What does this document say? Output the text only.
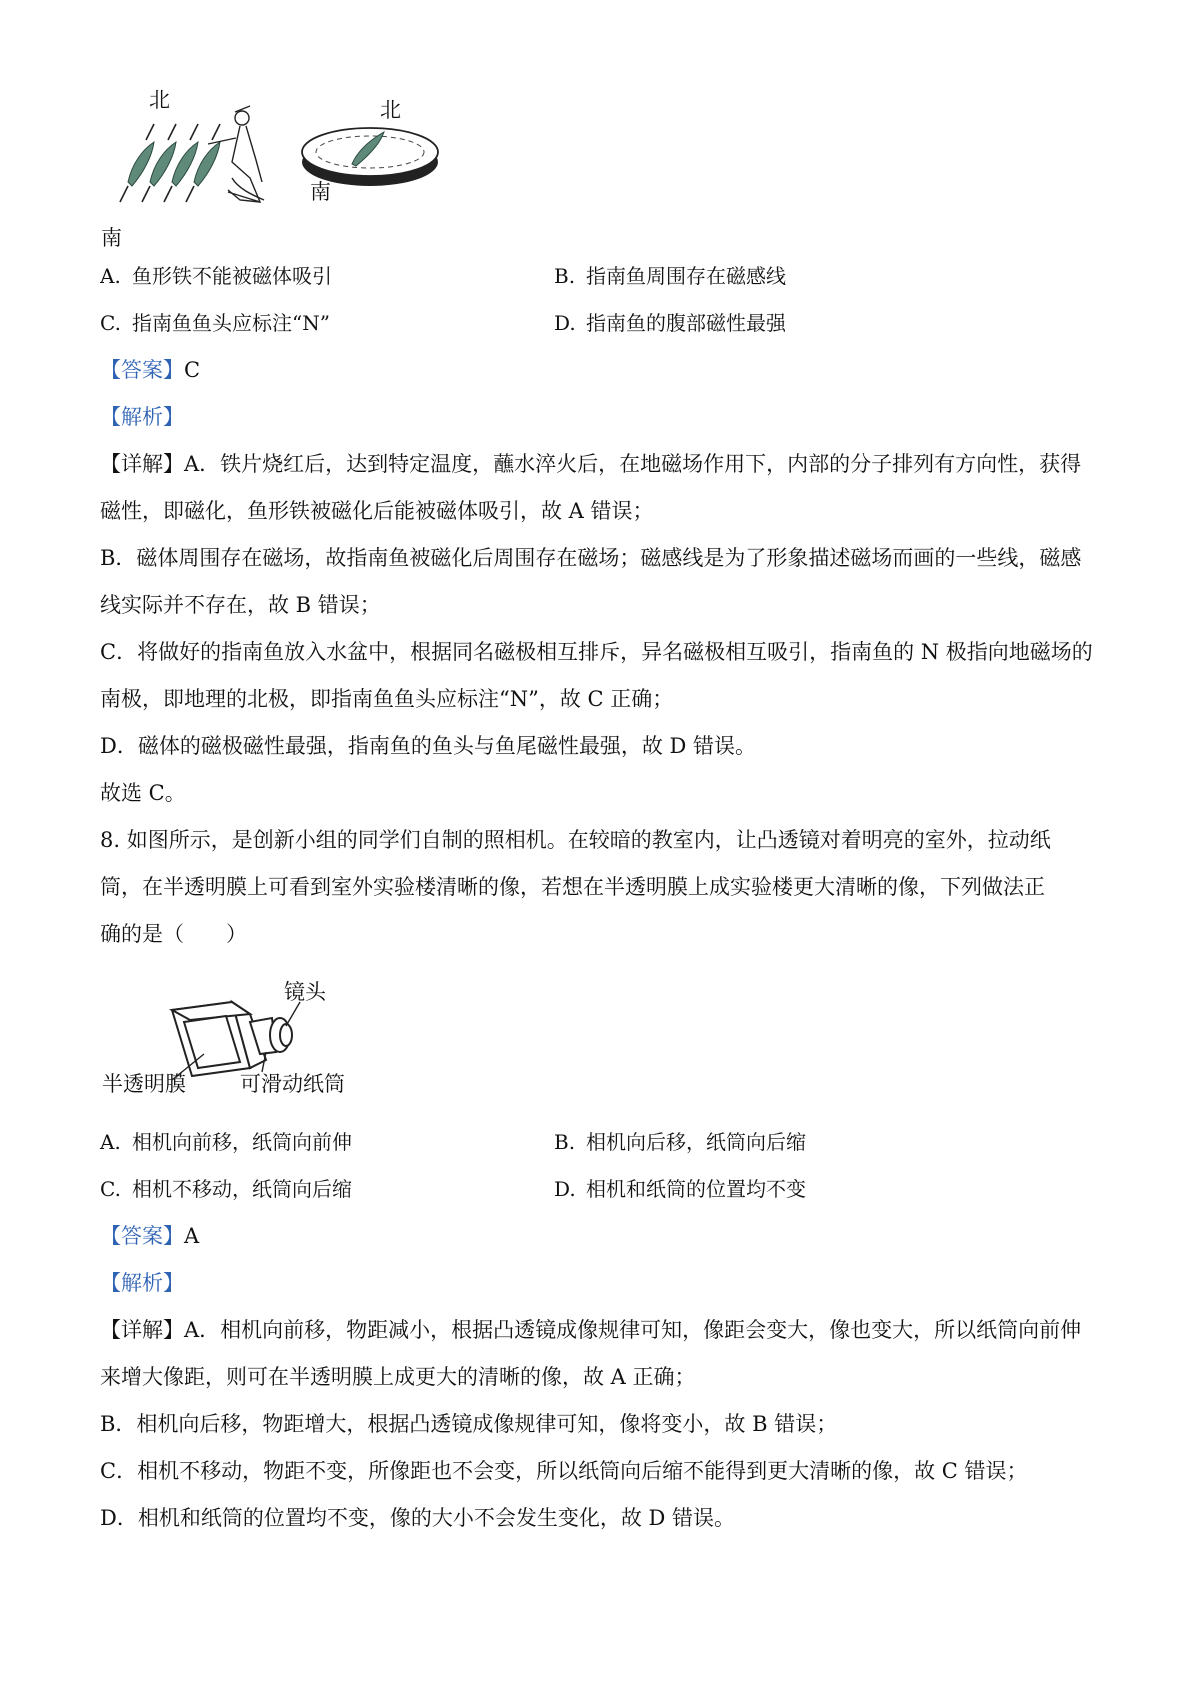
北	北
南
南
A. 鱼形铁不能被磁体吸引	B. 指南鱼周围存在磁感线
C. 指南鱼鱼头应标注“N”	D. 指南鱼的腹部磁性最强
【答案】C
【解析】
【详解】A．铁片烧红后，达到特定温度，蘸水淬火后，在地磁场作用下，内部的分子排列有方向性，获得
磁性，即磁化，鱼形铁被磁化后能被磁体吸引，故 A 错误；
B．磁体周围存在磁场，故指南鱼被磁化后周围存在磁场；磁感线是为了形象描述磁场而画的一些线，磁感
线实际并不存在，故 B 错误；
C．将做好的指南鱼放入水盆中，根据同名磁极相互排斥，异名磁极相互吸引，指南鱼的 N 极指向地磁场的
南极，即地理的北极，即指南鱼鱼头应标注“N”，故 C 正确；
D．磁体的磁极磁性最强，指南鱼的鱼头与鱼尾磁性最强，故 D 错误。
故选 C。
8. 如图所示，是创新小组的同学们自制的照相机。在较暗的教室内，让凸透镜对着明亮的室外，拉动纸
筒，在半透明膜上可看到室外实验楼清晰的像，若想在半透明膜上成实验楼更大清晰的像，下列做法正
确的是（　　）
镜头
半透明膜	可滑动纸筒
A. 相机向前移，纸筒向前伸	B. 相机向后移，纸筒向后缩
C. 相机不移动，纸筒向后缩	D. 相机和纸筒的位置均不变
【答案】A
【解析】
【详解】A．相机向前移，物距减小，根据凸透镜成像规律可知，像距会变大，像也变大，所以纸筒向前伸
来增大像距，则可在半透明膜上成更大的清晰的像，故 A 正确；
B．相机向后移，物距增大，根据凸透镜成像规律可知，像将变小，故 B 错误；
C．相机不移动，物距不变，所像距也不会变，所以纸筒向后缩不能得到更大清晰的像，故 C 错误；
D．相机和纸筒的位置均不变，像的大小不会发生变化，故 D 错误。
